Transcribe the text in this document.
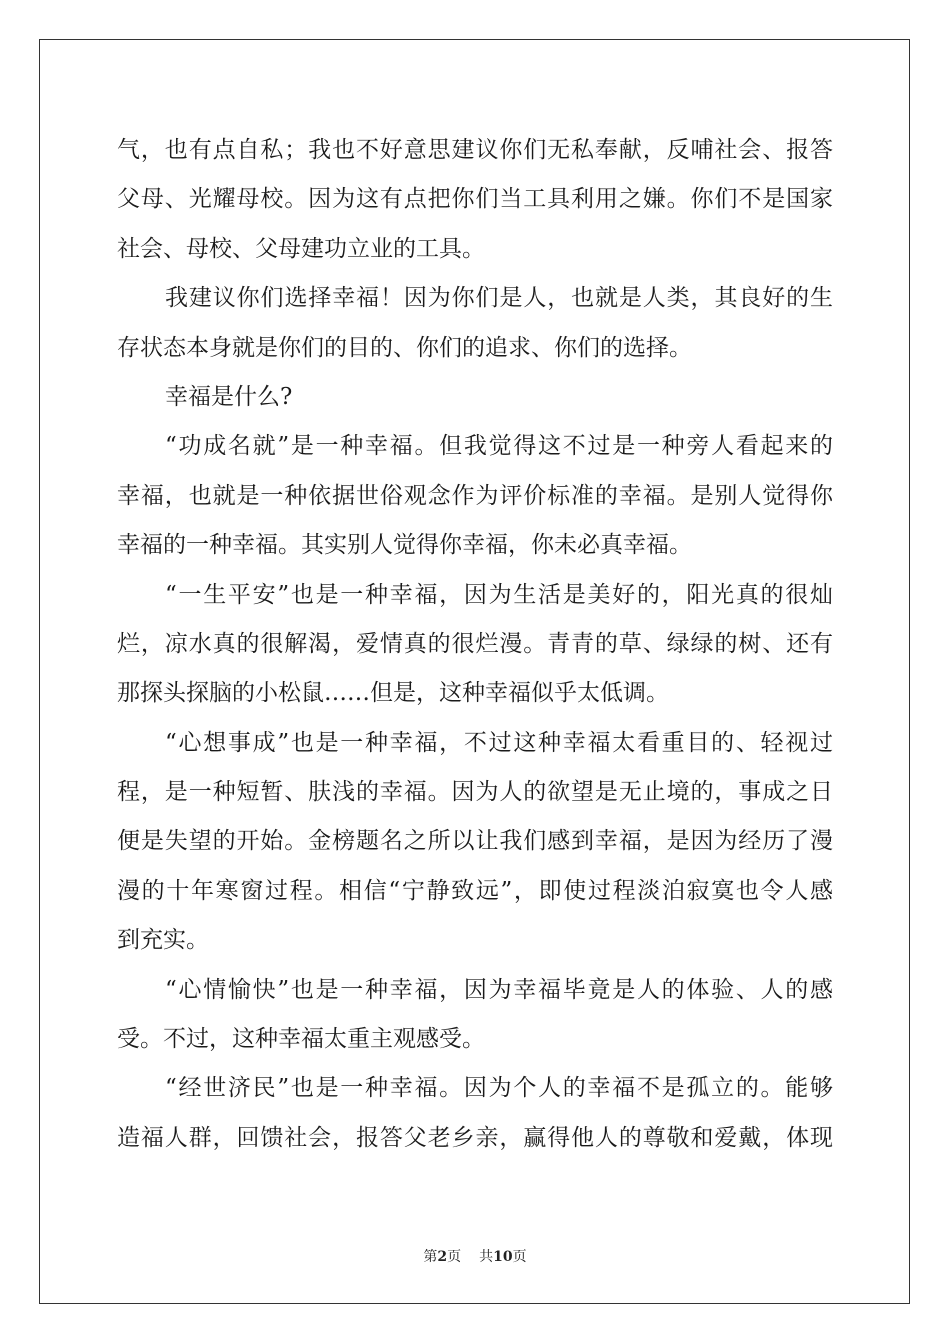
气，也有点自私；我也不好意思建议你们无私奉献，反哺社会、报答
父母、光耀母校。因为这有点把你们当工具利用之嫌。你们不是国家
社会、母校、父母建功立业的工具。
我建议你们选择幸福！因为你们是人，也就是人类，其良好的生
存状态本身就是你们的目的、你们的追求、你们的选择。
幸福是什么?
“功成名就”是一种幸福。但我觉得这不过是一种旁人看起来的
幸福，也就是一种依据世俗观念作为评价标准的幸福。是别人觉得你
幸福的一种幸福。其实别人觉得你幸福，你未必真幸福。
“一生平安”也是一种幸福，因为生活是美好的，阳光真的很灿
烂，凉水真的很解渴，爱情真的很烂漫。青青的草、绿绿的树、还有
那探头探脑的小松鼠……但是，这种幸福似乎太低调。
“心想事成”也是一种幸福，不过这种幸福太看重目的、轻视过
程，是一种短暂、肤浅的幸福。因为人的欲望是无止境的，事成之日
便是失望的开始。金榜题名之所以让我们感到幸福，是因为经历了漫
漫的十年寒窗过程。相信“宁静致远”，即使过程淡泊寂寞也令人感
到充实。
“心情愉快”也是一种幸福，因为幸福毕竟是人的体验、人的感
受。不过，这种幸福太重主观感受。
“经世济民”也是一种幸福。因为个人的幸福不是孤立的。能够
造福人群，回馈社会，报答父老乡亲，赢得他人的尊敬和爱戴，体现
第2页 共10页
